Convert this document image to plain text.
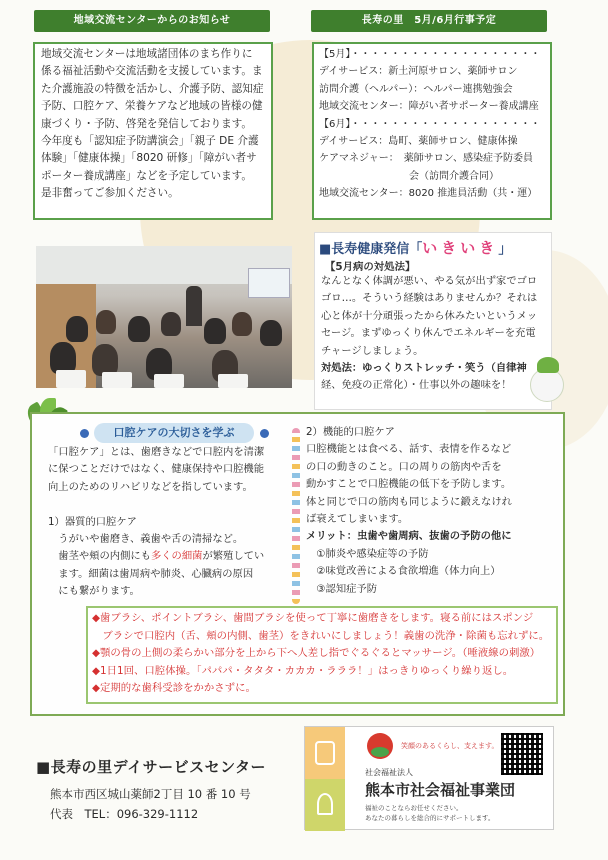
地域交流センターからのお知らせ	長寿の里　5月/6月行事予定
地域交流センターは地域諸団体のまち作りに
係る福祉活動や交流活動を支援しています。ま
た介護施設の特徴を活かし、介護予防、認知症
予防、口腔ケア、栄養ケアなど地域の皆様の健
康づくり・予防、啓発を発信しております。
今年度も「認知症予防講演会」「親子 DE 介護
体験」「健康体操」「8020 研修」「障がい者サ
ポーター養成講座」などを予定しています。
是非奮ってご参加ください。
【5月】・・・・・・・・・・・・・・・・・・・
デイサービス：新土河原サロン、薬師サロン
訪問介護（ヘルパー）：ヘルパー連携勉強会
地域交流センター：障がい者サポーター養成講座
【6月】・・・・・・・・・・・・・・・・・・・
デイサービス：島町、薬師サロン、健康体操
ケアマネジャー：　薬師サロン、感染症予防委員
　　　　　　　　　会（訪問介護合同）
地域交流センター：8020 推進員活動（共・運）
■長寿健康発信「いきいき」
【5月病の対処法】
なんとなく体調が悪い、やる気が出ず家でゴロ
ゴロ…。そういう経験はありませんか？それは
心と体が十分頑張ったから休みたいというメッ
セージ。まずゆっくり休んでエネルギーを充電
チャージしましょう。
対処法：ゆっくりストレッチ・笑う（自律神
経、免疫の正常化）・仕事以外の趣味を！
口腔ケアの大切さを学ぶ
「口腔ケア」とは、歯磨きなどで口腔内を清潔
に保つことだけではなく、健康保持や口腔機能
向上のためのリハビリなどを指しています。

1）器質的口腔ケア
　うがいや歯磨き、義歯や舌の清掃など。
　歯茎や頬の内側にも多くの細菌が繁殖してい
　ます。細菌は歯周病や肺炎、心臓病の原因
　にも繋がります。
2）機能的口腔ケア
口腔機能とは食べる、話す、表情を作るなど
の口の動きのこと。口の周りの筋肉や舌を
動かすことで口腔機能の低下を予防します。
体と同じで口の筋肉も同じように鍛えなけれ
ば衰えてしまいます。
メリット：虫歯や歯周病、抜歯の予防の他に
　①肺炎や感染症等の予防
　②味覚改善による食欲増進（体力向上）
　③認知症予防
◆歯ブラシ、ポイントブラシ、歯間ブラシを使って丁寧に歯磨きをします。寝る前にはスポンジ
　ブラシで口腔内（舌、頬の内側、歯茎）をきれいにしましょう！義歯の洗浄・除菌も忘れずに。
◆顎の骨の上側の柔らかい部分を上から下へ人差し指でぐるぐるとマッサージ。（唾液線の刺激）
◆1日1回、口腔体操。「パパパ・タタタ・カカカ・ラララ！」はっきりゆっくり繰り返し。
◆定期的な歯科受診をかかさずに。
■長寿の里デイサービスセンター
熊本市西区城山薬師2丁目 10 番 10 号
代表　TEL：096-329-1112
笑顔のあるくらし、支えます。
社会福祉法人
熊本市社会福祉事業団
福祉のことならお任せください。
あなたの暮らしを総合的にサポートします。
